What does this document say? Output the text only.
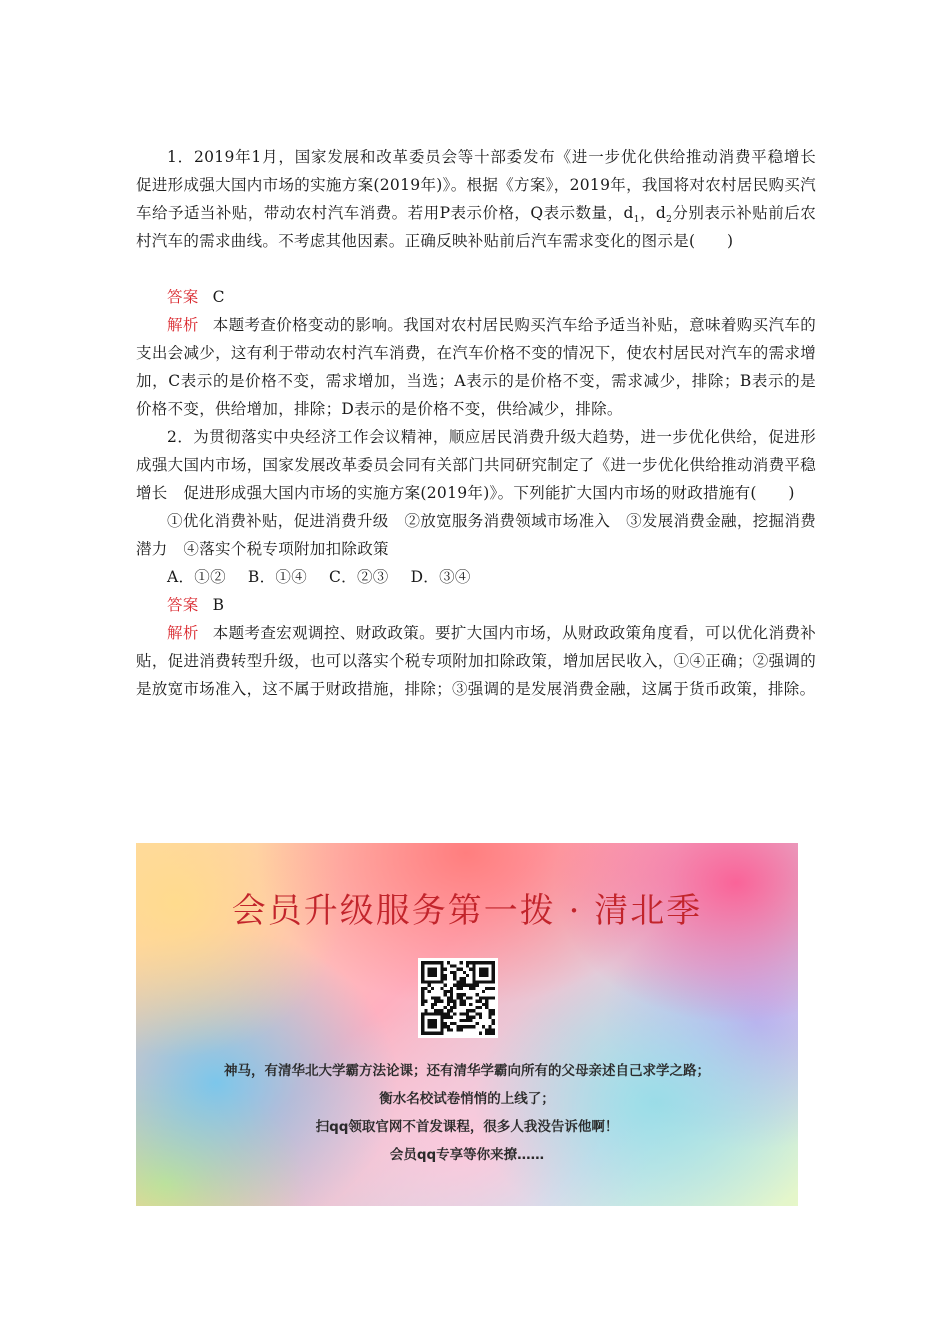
1．2019年1月，国家发展和改革委员会等十部委发布《进一步优化供给推动消费平稳增长　促进形成强大国内市场的实施方案(2019年)》。根据《方案》，2019年，我国将对农村居民购买汽车给予适当补贴，带动农村汽车消费。若用P表示价格，Q表示数量，$d_1$，$d_2$分别表示补贴前后农村汽车的需求曲线。不考虑其他因素。正确反映补贴前后汽车需求变化的图示是(　　)

答案 C

解析 本题考查价格变动的影响。我国对农村居民购买汽车给予适当补贴，意味着购买汽车的支出会减少，这有利于带动农村汽车消费，在汽车价格不变的情况下，使农村居民对汽车的需求增加，C表示的是价格不变，需求增加，当选；A表示的是价格不变，需求减少，排除；B表示的是价格不变，供给增加，排除；D表示的是价格不变，供给减少，排除。

2．为贯彻落实中央经济工作会议精神，顺应居民消费升级大趋势，进一步优化供给，促进形成强大国内市场，国家发展改革委员会同有关部门共同研究制定了《进一步优化供给推动消费平稳增长　促进形成强大国内市场的实施方案(2019年)》。下列能扩大国内市场的财政措施有(　　)

①优化消费补贴，促进消费升级　②放宽服务消费领域市场准入　③发展消费金融，挖掘消费潜力　④落实个税专项附加扣除政策

A．①② B．①④ C．②③ D．③④

答案 B

解析 本题考查宏观调控、财政政策。要扩大国内市场，从财政政策角度看，可以优化消费补贴，促进消费转型升级，也可以落实个税专项附加扣除政策，增加居民收入，①④正确；②强调的是放宽市场准入，这不属于财政措施，排除；③强调的是发展消费金融，这属于货币政策，排除。

会员升级服务第一拨 · 清北季
神马，有清华北大学霸方法论课；还有清华学霸向所有的父母亲述自己求学之路；
衡水名校试卷悄悄的上线了；
扫qq领取官网不首发课程，很多人我没告诉他啊！
会员qq专享等你来撩……
